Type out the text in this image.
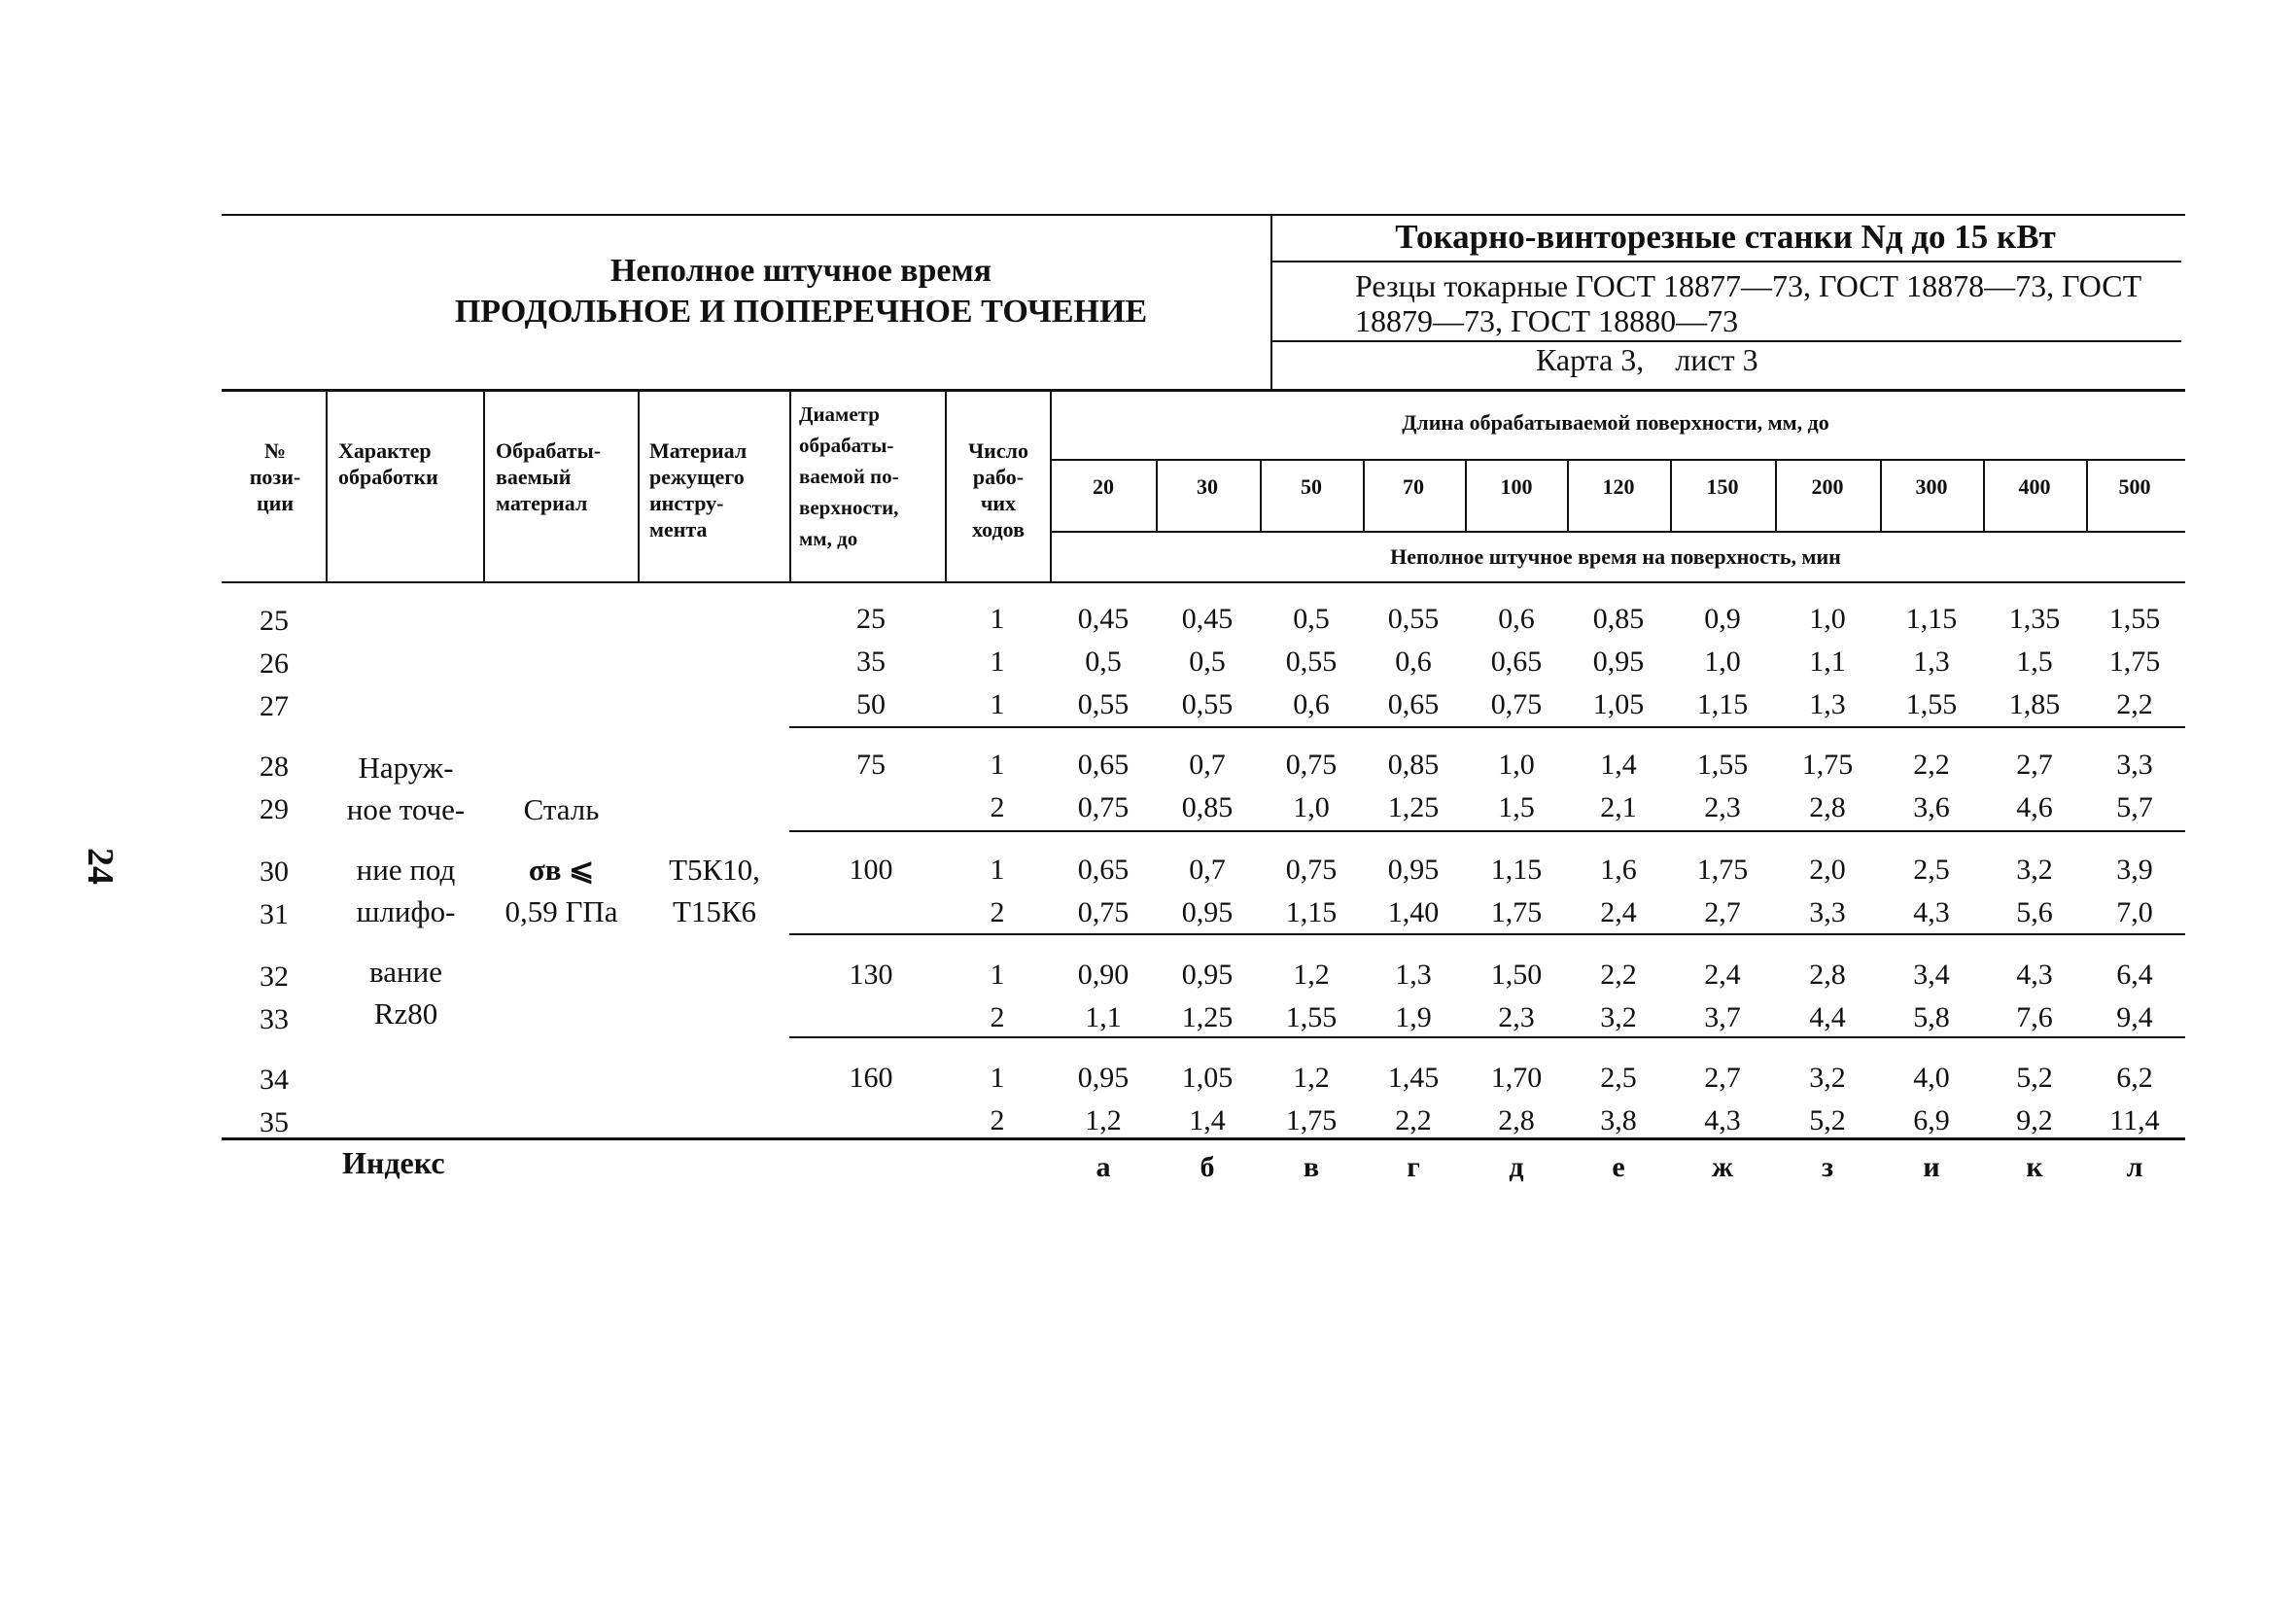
24
Неполное штучное время
ПРОДОЛЬНОЕ И ПОПЕРЕЧНОЕ ТОЧЕНИЕ
Токарно-винторезные станки Nд до 15 кВт
Резцы токарные ГОСТ 18877—73, ГОСТ 18878—73, ГОСТ 18879—73, ГОСТ 18880—73
Карта 3,    лист 3
№
пози-
ции
Характер
обработки
Обрабаты-
ваемый
материал
Материал
режущего
инстру-
мента
Диаметр
обрабаты-
ваемой по-
верхности,
мм, до
Число
рабо-
чих
ходов
Длина обрабатываемой поверхности, мм, до
Неполное штучное время на поверхность, мин
20	30	50	70	100	120	150	200	300	400	500
Наруж-
ное точе-
ние под
шлифо-
вание
Rz80
Сталь
σв ⩽
0,59 ГПа
Т5К10,
Т15К6
25	25	1	0,45	0,45	0,5	0,55	0,6	0,85	0,9	1,0	1,15	1,35	1,55
26	35	1	0,5	0,5	0,55	0,6	0,65	0,95	1,0	1,1	1,3	1,5	1,75
27	50	1	0,55	0,55	0,6	0,65	0,75	1,05	1,15	1,3	1,55	1,85	2,2
28	75	1	0,65	0,7	0,75	0,85	1,0	1,4	1,55	1,75	2,2	2,7	3,3
29	2	0,75	0,85	1,0	1,25	1,5	2,1	2,3	2,8	3,6	4,6	5,7
30	100	1	0,65	0,7	0,75	0,95	1,15	1,6	1,75	2,0	2,5	3,2	3,9
31	2	0,75	0,95	1,15	1,40	1,75	2,4	2,7	3,3	4,3	5,6	7,0
32	130	1	0,90	0,95	1,2	1,3	1,50	2,2	2,4	2,8	3,4	4,3	6,4
33	2	1,1	1,25	1,55	1,9	2,3	3,2	3,7	4,4	5,8	7,6	9,4
34	160	1	0,95	1,05	1,2	1,45	1,70	2,5	2,7	3,2	4,0	5,2	6,2
35	2	1,2	1,4	1,75	2,2	2,8	3,8	4,3	5,2	6,9	9,2	11,4
Индекс	а	б	в	г	д	е	ж	з	и	к	л
